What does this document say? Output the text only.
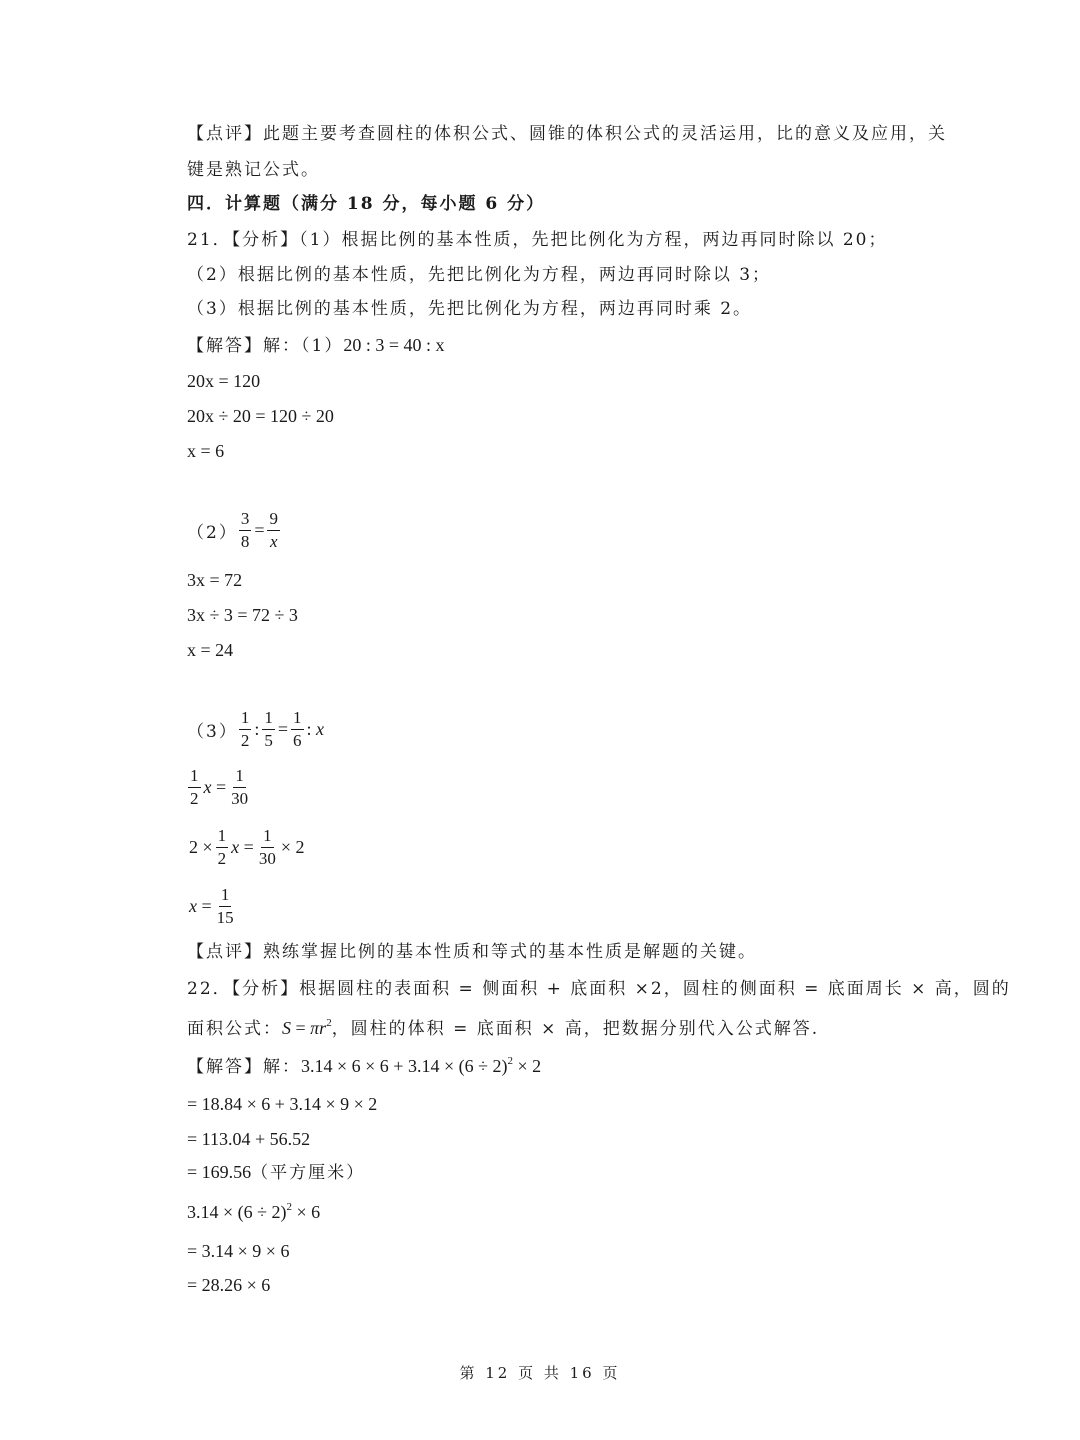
【点评】此题主要考查圆柱的体积公式、圆锥的体积公式的灵活运用，比的意义及应用，关
键是熟记公式。
四．计算题（满分 18 分，每小题 6 分）
21．【分析】（1）根据比例的基本性质，先把比例化为方程，两边再同时除以 20；
（2）根据比例的基本性质，先把比例化为方程，两边再同时除以 3；
（3）根据比例的基本性质，先把比例化为方程，两边再同时乘 2。
【解答】解：（1）20 : 3 = 40 : x
20x = 120
20x ÷ 20 = 120 ÷ 20
x = 6
$(2) \frac{3}{8} = \frac{9}{x}$
3x = 72
3x ÷ 3 = 72 ÷ 3
x = 24
$(3) \frac{1}{2}$ : $\frac{1}{5} = \frac{1}{6}$ : x
$\frac{1}{2}$ $x = \frac{1}{30}$
$2 \times \frac{1}{2}$ $x = \frac{1}{30} \times 2$
$x = \frac{1}{15}$
【点评】熟练掌握比例的基本性质和等式的基本性质是解题的关键。
22．【分析】根据圆柱的表面积 = 侧面积 + 底面积 ×2，圆柱的侧面积 = 底面周长 × 高，圆的
面积公式：$S = \pi r^2$，圆柱的体积 = 底面积 × 高，把数据分别代入公式解答.
【解答】解：$3.14 \times 6 \times 6 + 3.14 \times (6 \div 2)^2 \times 2$
= 18.84 × 6 + 3.14 × 9 × 2
= 113.04 + 56.52
= 169.56（平方厘米）
$3.14 \times (6 \div 2)^2 \times 6$
= 3.14 × 9 × 6
= 28.26 × 6
第 12 页 共 16 页
